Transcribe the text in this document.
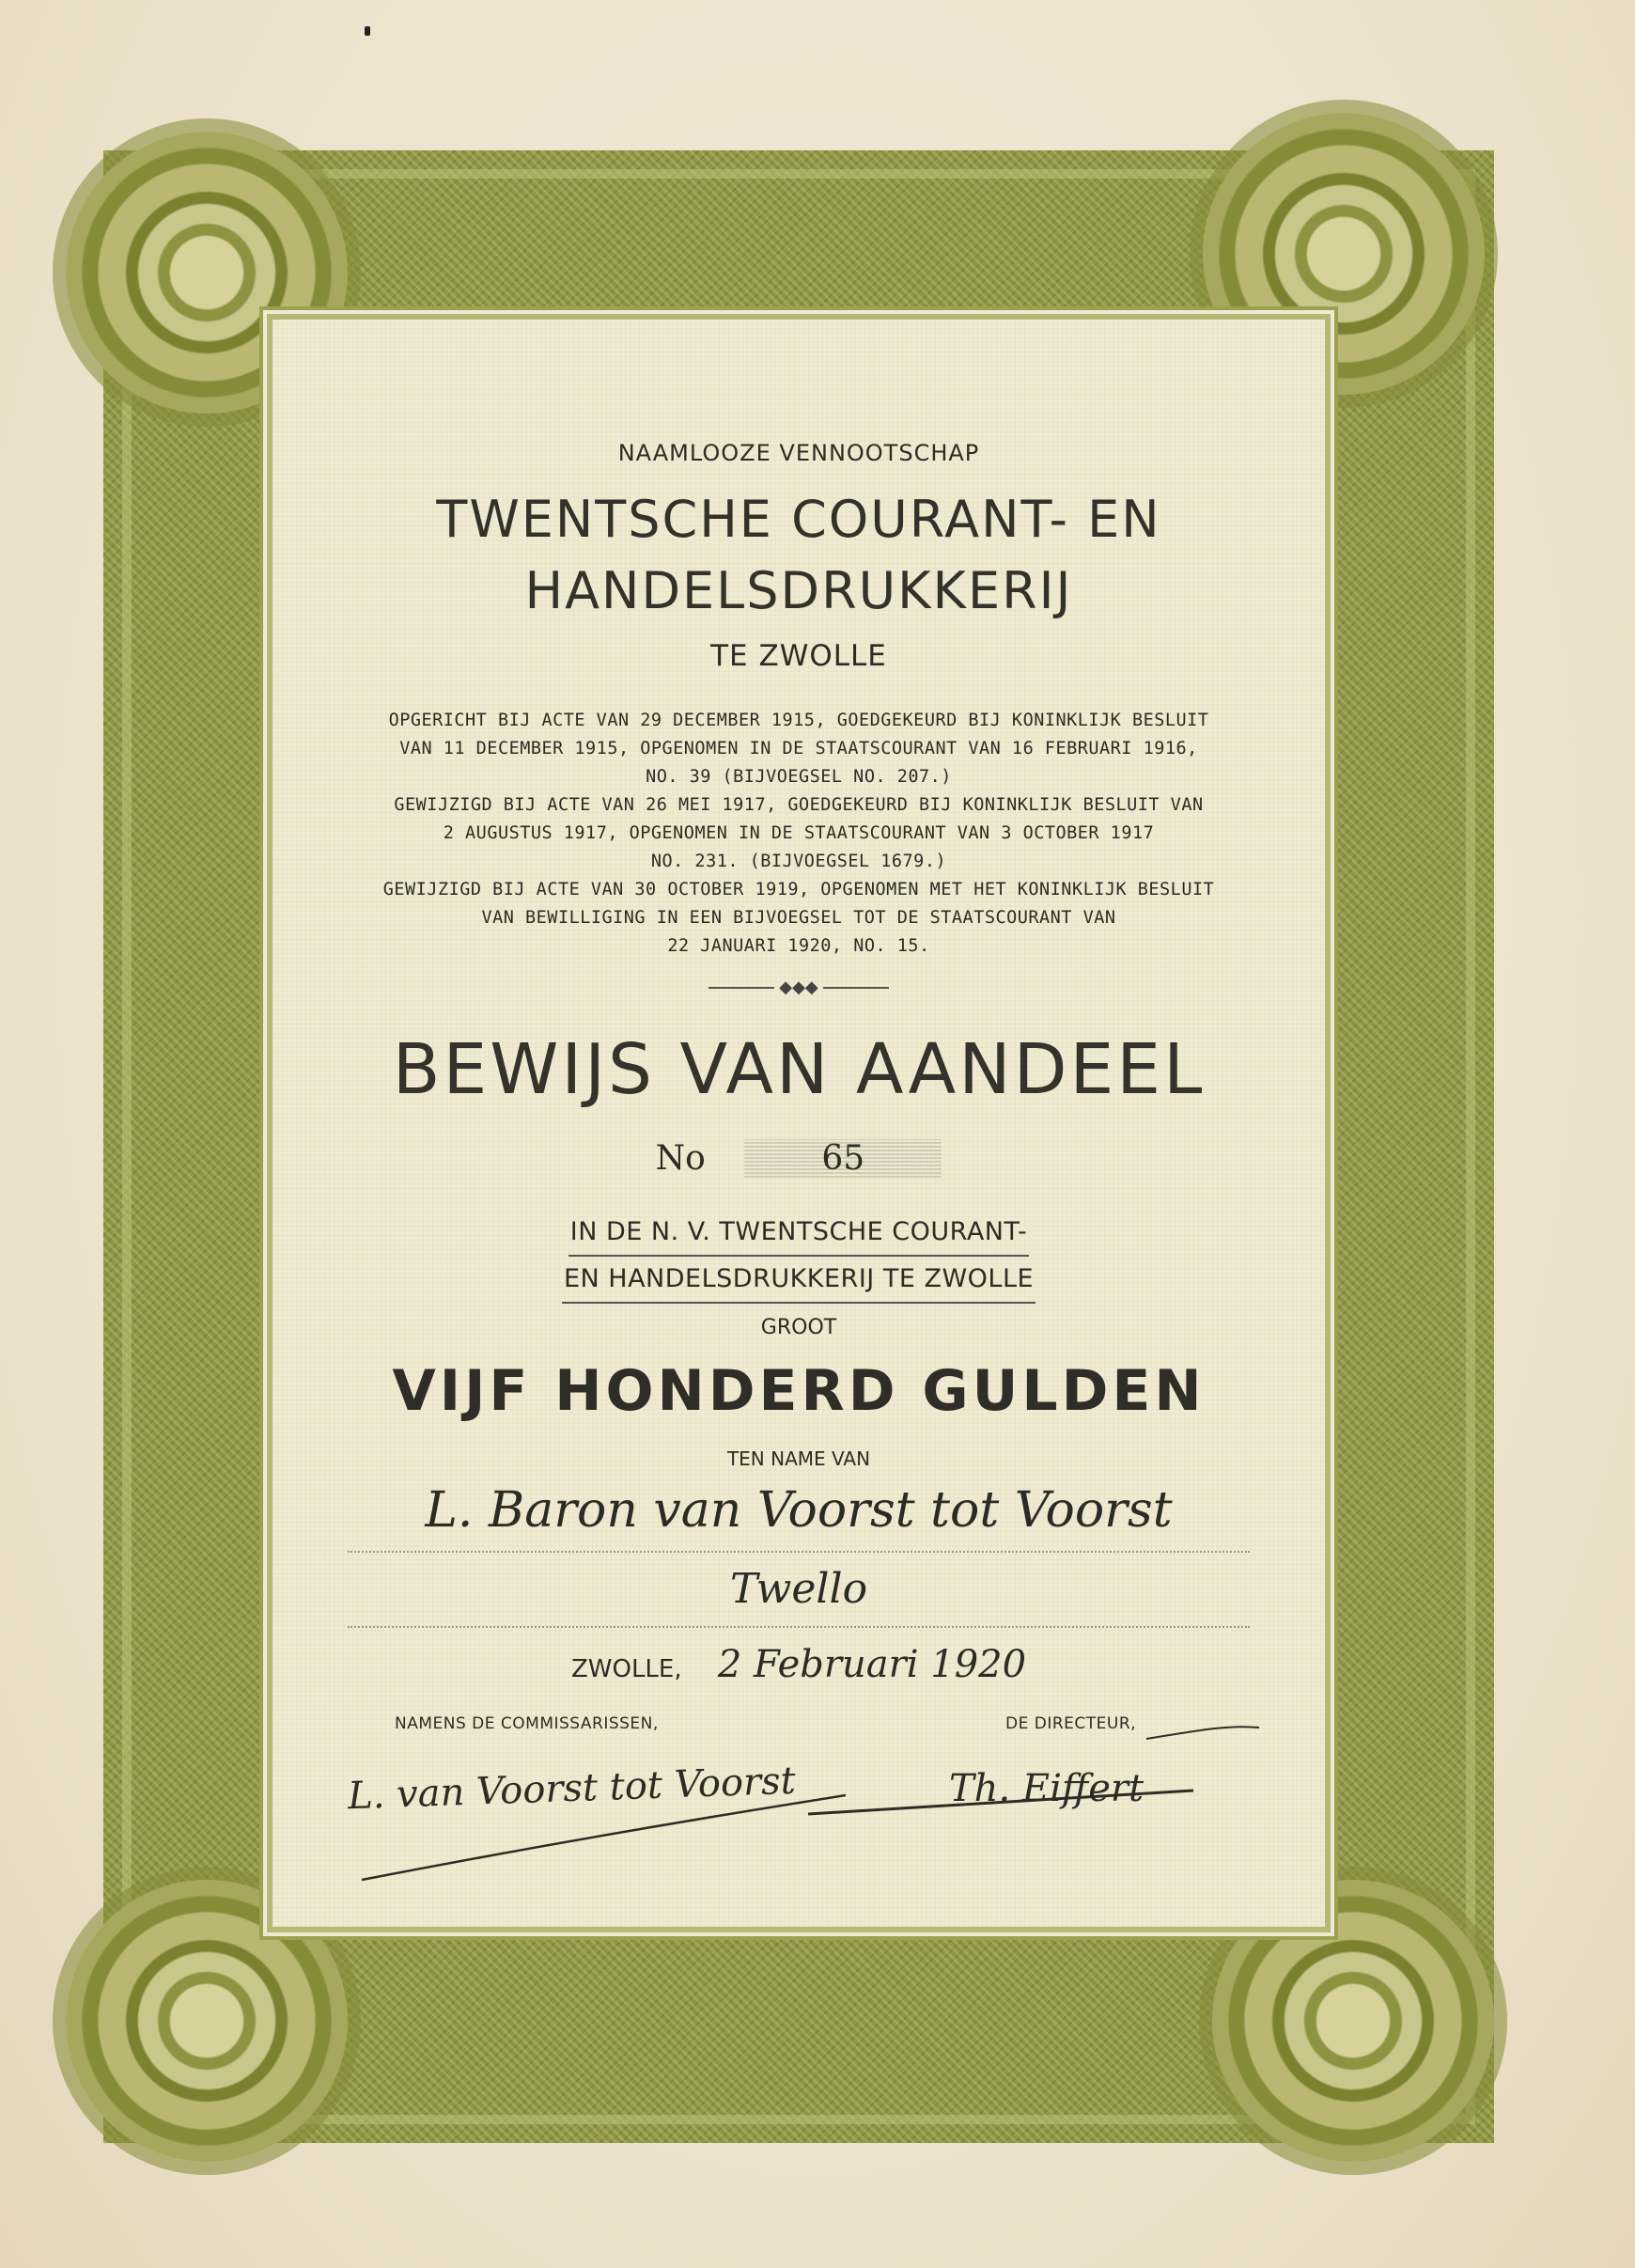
NAAMLOOZE VENNOOTSCHAP
TWENTSCHE COURANT- EN
HANDELSDRUKKERIJ
TE ZWOLLE
OPGERICHT BIJ ACTE VAN 29 DECEMBER 1915, GOEDGEKEURD BIJ KONINKLIJK BESLUIT
VAN 11 DECEMBER 1915, OPGENOMEN IN DE STAATSCOURANT VAN 16 FEBRUARI 1916,
NO. 39 (BIJVOEGSEL NO. 207.)
GEWIJZIGD BIJ ACTE VAN 26 MEI 1917, GOEDGEKEURD BIJ KONINKLIJK BESLUIT VAN
2 AUGUSTUS 1917, OPGENOMEN IN DE STAATSCOURANT VAN 3 OCTOBER 1917
NO. 231. (BIJVOEGSEL 1679.)
GEWIJZIGD BIJ ACTE VAN 30 OCTOBER 1919, OPGENOMEN MET HET KONINKLIJK BESLUIT
VAN BEWILLIGING IN EEN BIJVOEGSEL TOT DE STAATSCOURANT VAN
22 JANUARI 1920, NO. 15.
◆◆◆
BEWIJS VAN AANDEEL
No	65
IN DE N. V. TWENTSCHE COURANT-
EN HANDELSDRUKKERIJ TE ZWOLLE
GROOT
VIJF HONDERD GULDEN
TEN NAME VAN
L. Baron van Voorst tot Voorst
Twello
ZWOLLE, 2 Februari 1920
NAMENS DE COMMISSARISSEN,	DE DIRECTEUR,
L. van Voorst tot Voorst	Th. Eiffert
